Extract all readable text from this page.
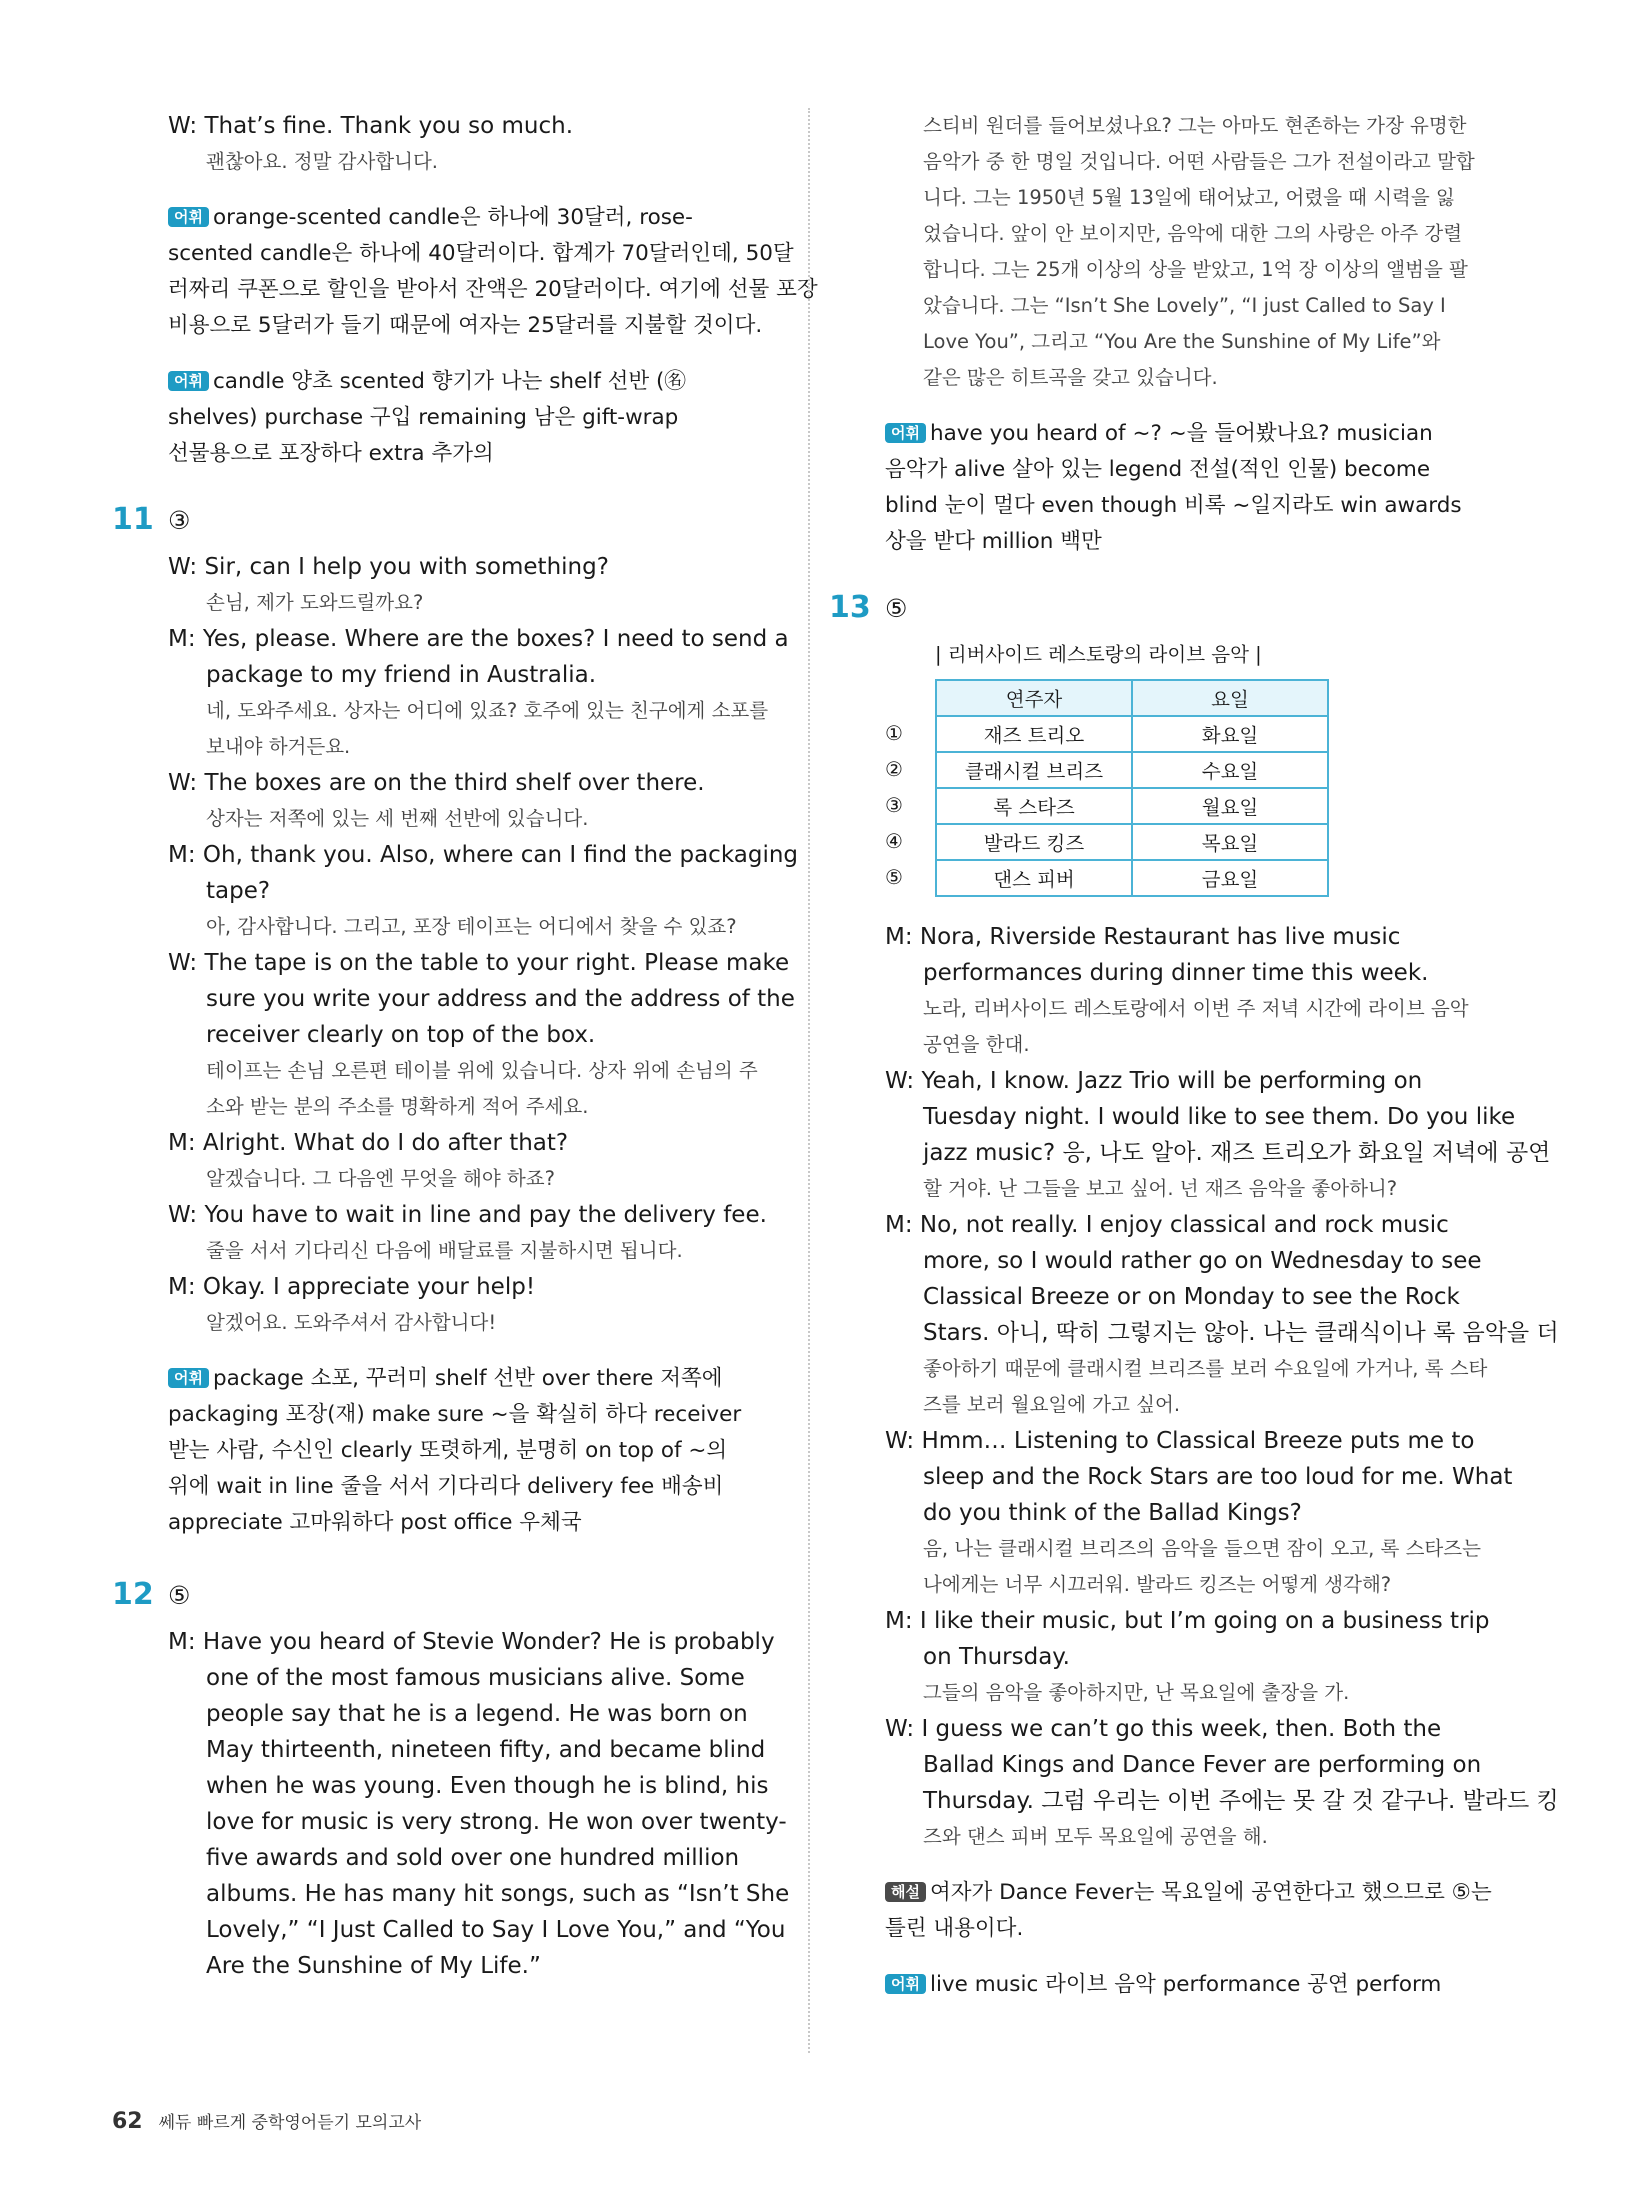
W: That’s fine. Thank you so much.
괜찮아요. 정말 감사합니다.
어휘 orange-scented candle은 하나에 30달러, rose-
scented candle은 하나에 40달러이다. 합계가 70달러인데, 50달
러짜리 쿠폰으로 할인을 받아서 잔액은 20달러이다. 여기에 선물 포장
비용으로 5달러가 들기 때문에 여자는 25달러를 지불할 것이다.
어휘 candle 양초 scented 향기가 나는 shelf 선반 (㊔
shelves) purchase 구입 remaining 남은 gift-wrap
선물용으로 포장하다 extra 추가의
11 ③
W: Sir, can I help you with something?
손님, 제가 도와드릴까요?
M: Yes, please. Where are the boxes? I need to send a
package to my friend in Australia.
네, 도와주세요. 상자는 어디에 있죠? 호주에 있는 친구에게 소포를
보내야 하거든요.
W: The boxes are on the third shelf over there.
상자는 저쪽에 있는 세 번째 선반에 있습니다.
M: Oh, thank you. Also, where can I find the packaging
tape?
아, 감사합니다. 그리고, 포장 테이프는 어디에서 찾을 수 있죠?
W: The tape is on the table to your right. Please make
sure you write your address and the address of the
receiver clearly on top of the box.
테이프는 손님 오른편 테이블 위에 있습니다. 상자 위에 손님의 주
소와 받는 분의 주소를 명확하게 적어 주세요.
M: Alright. What do I do after that?
알겠습니다. 그 다음엔 무엇을 해야 하죠?
W: You have to wait in line and pay the delivery fee.
줄을 서서 기다리신 다음에 배달료를 지불하시면 됩니다.
M: Okay. I appreciate your help!
알겠어요. 도와주셔서 감사합니다!
어휘 package 소포, 꾸러미 shelf 선반 over there 저쪽에
packaging 포장(재) make sure ~을 확실히 하다 receiver
받는 사람, 수신인 clearly 또렷하게, 분명히 on top of ~의
위에 wait in line 줄을 서서 기다리다 delivery fee 배송비
appreciate 고마워하다 post office 우체국
12 ⑤
M: Have you heard of Stevie Wonder? He is probably
one of the most famous musicians alive. Some
people say that he is a legend. He was born on
May thirteenth, nineteen fifty, and became blind
when he was young. Even though he is blind, his
love for music is very strong. He won over twenty-
five awards and sold over one hundred million
albums. He has many hit songs, such as “Isn’t She
Lovely,” “I Just Called to Say I Love You,” and “You
Are the Sunshine of My Life.”
스티비 원더를 들어보셨나요? 그는 아마도 현존하는 가장 유명한
음악가 중 한 명일 것입니다. 어떤 사람들은 그가 전설이라고 말합
니다. 그는 1950년 5월 13일에 태어났고, 어렸을 때 시력을 잃
었습니다. 앞이 안 보이지만, 음악에 대한 그의 사랑은 아주 강렬
합니다. 그는 25개 이상의 상을 받았고, 1억 장 이상의 앨범을 팔
았습니다. 그는 “Isn’t She Lovely”, “I just Called to Say I
Love You”, 그리고 “You Are the Sunshine of My Life”와
같은 많은 히트곡을 갖고 있습니다.
어휘 have you heard of ~? ~을 들어봤나요? musician
음악가 alive 살아 있는 legend 전설(적인 인물) become
blind 눈이 멀다 even though 비록 ~일지라도 win awards
상을 받다 million 백만
13 ⑤
| 리버사이드 레스토랑의 라이브 음악 |
①
②
③
④
⑤
연주자	요일
재즈 트리오	화요일
클래시컬 브리즈	수요일
록 스타즈	월요일
발라드 킹즈	목요일
댄스 피버	금요일
M: Nora, Riverside Restaurant has live music
performances during dinner time this week.
노라, 리버사이드 레스토랑에서 이번 주 저녁 시간에 라이브 음악
공연을 한대.
W: Yeah, I know. Jazz Trio will be performing on
Tuesday night. I would like to see them. Do you like
jazz music? 응, 나도 알아. 재즈 트리오가 화요일 저녁에 공연
할 거야. 난 그들을 보고 싶어. 넌 재즈 음악을 좋아하니?
M: No, not really. I enjoy classical and rock music
more, so I would rather go on Wednesday to see
Classical Breeze or on Monday to see the Rock
Stars. 아니, 딱히 그렇지는 않아. 나는 클래식이나 록 음악을 더
좋아하기 때문에 클래시컬 브리즈를 보러 수요일에 가거나, 록 스타
즈를 보러 월요일에 가고 싶어.
W: Hmm… Listening to Classical Breeze puts me to
sleep and the Rock Stars are too loud for me. What
do you think of the Ballad Kings?
음, 나는 클래시컬 브리즈의 음악을 들으면 잠이 오고, 록 스타즈는
나에게는 너무 시끄러워. 발라드 킹즈는 어떻게 생각해?
M: I like their music, but I’m going on a business trip
on Thursday.
그들의 음악을 좋아하지만, 난 목요일에 출장을 가.
W: I guess we can’t go this week, then. Both the
Ballad Kings and Dance Fever are performing on
Thursday. 그럼 우리는 이번 주에는 못 갈 것 같구나. 발라드 킹
즈와 댄스 피버 모두 목요일에 공연을 해.
해설 여자가 Dance Fever는 목요일에 공연한다고 했으므로 ⑤는
틀린 내용이다.
어휘 live music 라이브 음악 performance 공연 perform
62 쎄듀 빠르게 중학영어듣기 모의고사
